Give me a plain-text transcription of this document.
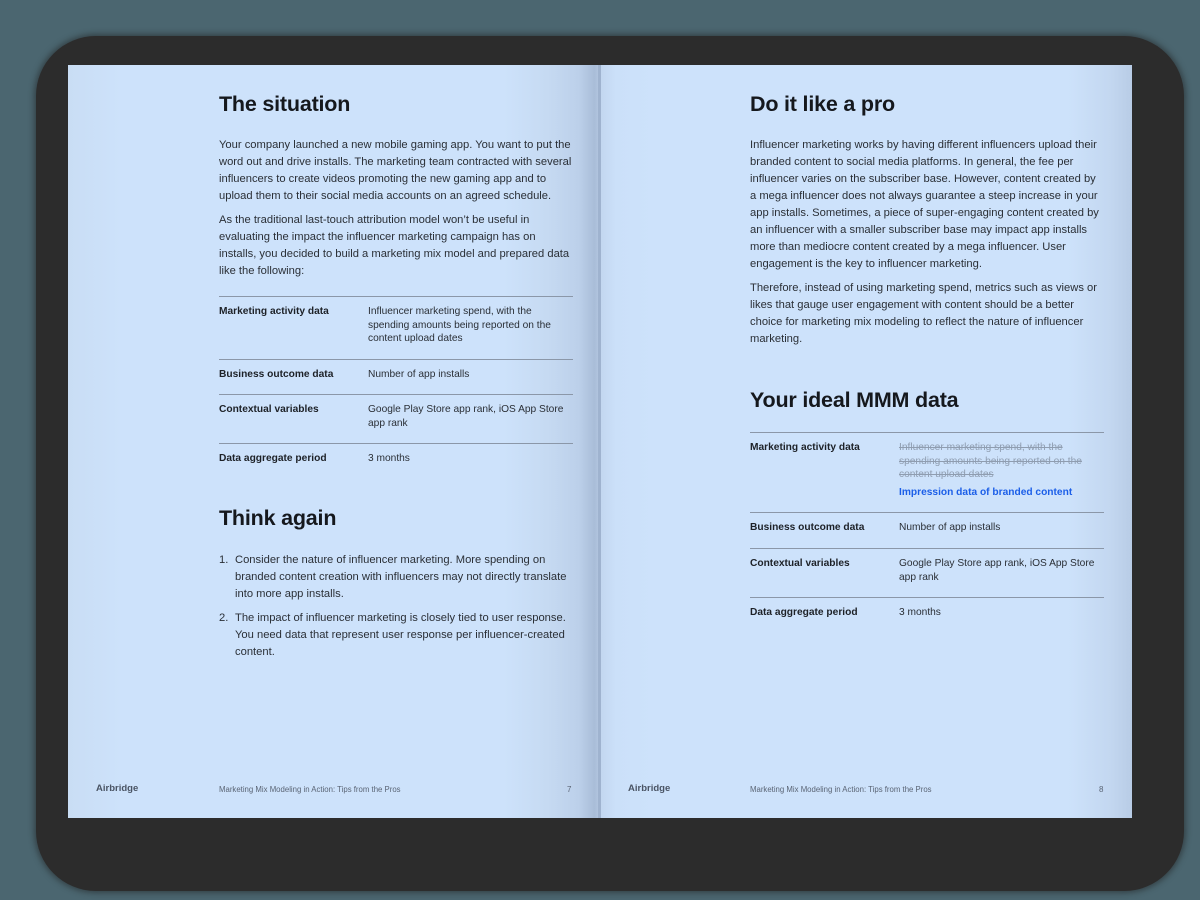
The situation

Your company launched a new mobile gaming app. You want to put the word out and drive installs. The marketing team contracted with several influencers to create videos promoting the new gaming app and to upload them to their social media accounts on an agreed schedule.

As the traditional last-touch attribution model won’t be useful in evaluating the impact the influencer marketing campaign has on installs, you decided to build a marketing mix model and prepared data like the following:

Marketing activity data	Influencer marketing spend, with the spending amounts being reported on the content upload dates
Business outcome data	Number of app installs
Contextual variables	Google Play Store app rank, iOS App Store app rank
Data aggregate period	3 months
Think again
1. Consider the nature of influencer marketing. More spending on branded content creation with influencers may not directly translate into more app installs.
2. The impact of influencer marketing is closely tied to user response. You need data that represent user response per influencer-created content.
Airbridge	Marketing Mix Modeling in Action: Tips from the Pros	7
Do it like a pro

Influencer marketing works by having different influencers upload their branded content to social media platforms. In general, the fee per influencer varies on the subscriber base. However, content created by a mega influencer does not always guarantee a steep increase in your app installs. Sometimes, a piece of super-engaging content created by an influencer with a smaller subscriber base may impact app installs more than mediocre content created by a mega influencer. User engagement is the key to influencer marketing.

Therefore, instead of using marketing spend, metrics such as views or likes that gauge user engagement with content should be a better choice for marketing mix modeling to reflect the nature of influencer marketing.

Your ideal MMM data
Marketing activity data	Influencer marketing spend, with the spending amounts being reported on the content upload dates
Impression data of branded content

Business outcome data	Number of app installs
Contextual variables	Google Play Store app rank, iOS App Store app rank
Data aggregate period	3 months
Airbridge	Marketing Mix Modeling in Action: Tips from the Pros	8
